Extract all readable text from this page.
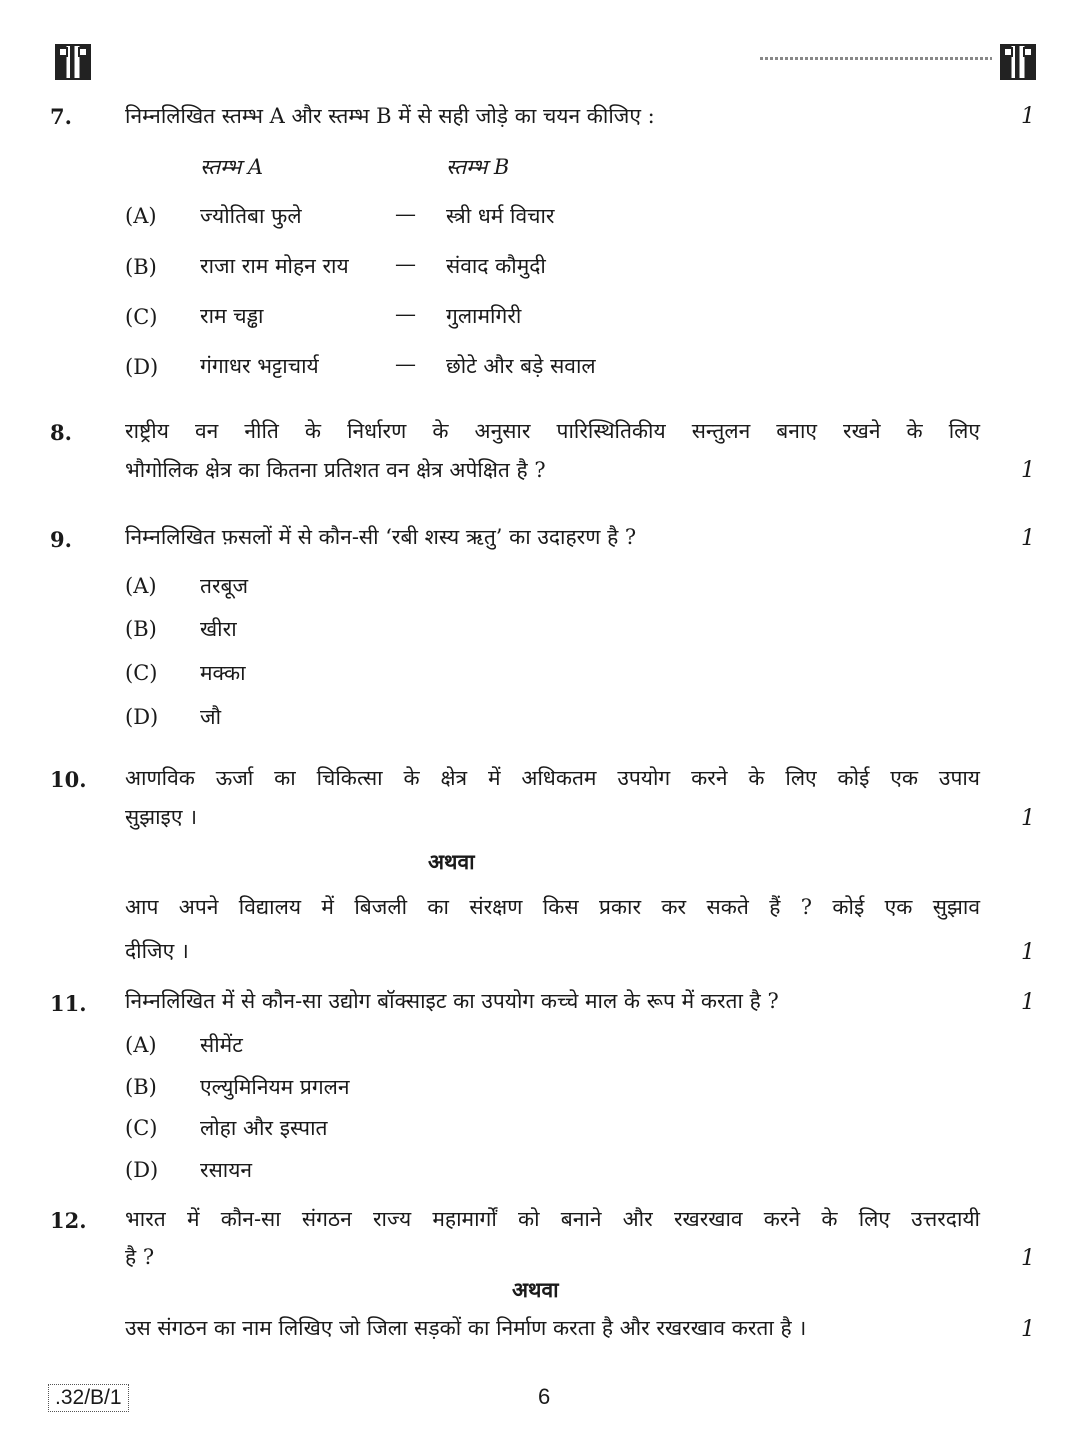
7.	निम्नलिखित स्तम्भ A और स्तम्भ B में से सही जोड़े का चयन कीजिए :	1
स्तम्भ A	स्तम्भ B
(A) ज्योतिबा फुले	— स्त्री धर्म विचार
(B) राजा राम मोहन राय — संवाद कौमुदी
(C) राम चड्ढा	— गुलामगिरी
(D) गंगाधर भट्टाचार्य	— छोटे और बड़े सवाल
8.	राष्ट्रीय वन नीति के निर्धारण के अनुसार पारिस्थितिकीय सन्तुलन बनाए रखने के लिए
भौगोलिक क्षेत्र का कितना प्रतिशत वन क्षेत्र अपेक्षित है ?	1
9.	निम्नलिखित फ़सलों में से कौन-सी ‘रबी शस्य ऋतु’ का उदाहरण है ?	1
(A) तरबूज
(B) खीरा
(C) मक्का
(D) जौ
10. आणविक ऊर्जा का चिकित्सा के क्षेत्र में अधिकतम उपयोग करने के लिए कोई एक उपाय
सुझाइए ।	1
अथवा
आप अपने विद्यालय में बिजली का संरक्षण किस प्रकार कर सकते हैं ? कोई एक सुझाव
दीजिए ।	1
11. निम्नलिखित में से कौन-सा उद्योग बॉक्साइट का उपयोग कच्चे माल के रूप में करता है ?	1
(A) सीमेंट
(B) एल्युमिनियम प्रगलन
(C) लोहा और इस्पात
(D) रसायन
12. भारत में कौन-सा संगठन राज्य महामार्गों को बनाने और रखरखाव करने के लिए उत्तरदायी
है ?	1
अथवा
उस संगठन का नाम लिखिए जो जिला सड़कों का निर्माण करता है और रखरखाव करता है ।	1
.32/B/1	6
